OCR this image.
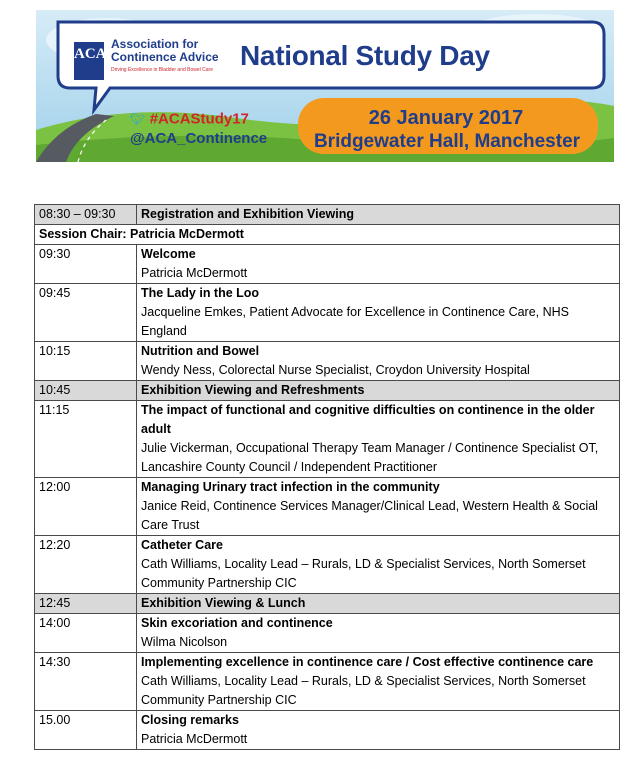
ACA
Association for Continence Advice
Driving Excellence in Bladder and Bowel Care National Study Day
🐦︎ #ACAStudy17
@ACA_Continence
26 January 2017
Bridgewater Hall, Manchester
08:30 – 09:30	Registration and Exhibition Viewing
Session Chair: Patricia McDermott	
09:30	Welcome
Patricia McDermott

09:45	The Lady in the Loo
Jacqueline Emkes, Patient Advocate for Excellence in Continence Care, NHS England

10:15	Nutrition and Bowel
Wendy Ness, Colorectal Nurse Specialist, Croydon University Hospital

10:45	Exhibition Viewing and Refreshments
11:15	The impact of functional and cognitive difficulties on continence in the older adult
Julie Vickerman, Occupational Therapy Team Manager / Continence Specialist OT, Lancashire County Council / Independent Practitioner

12:00	Managing Urinary tract infection in the community
Janice Reid, Continence Services Manager/Clinical Lead, Western Health & Social Care Trust

12:20	Catheter Care
Cath Williams, Locality Lead – Rurals, LD & Specialist Services, North Somerset Community Partnership CIC

12:45	Exhibition Viewing & Lunch
14:00	Skin excoriation and continence
Wilma Nicolson

14:30	Implementing excellence in continence care / Cost effective continence care
Cath Williams, Locality Lead – Rurals, LD & Specialist Services, North Somerset Community Partnership CIC

15.00	Closing remarks
Patricia McDermott
